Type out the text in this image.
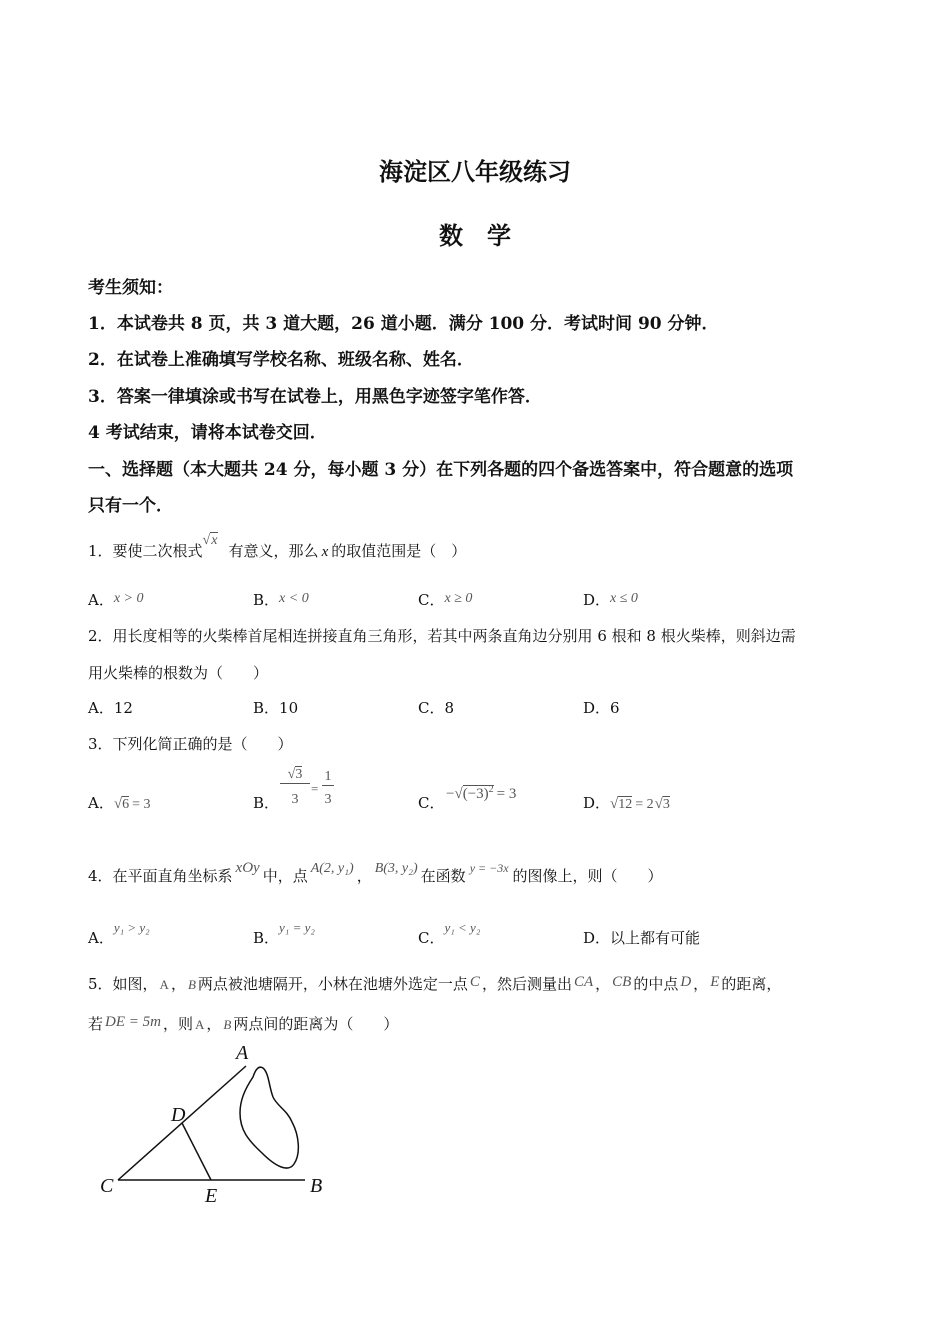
海淀区八年级练习
数　学
考生须知：
1．本试卷共 8 页，共 3 道大题，26 道小题．满分 100 分．考试时间 90 分钟．
2．在试卷上准确填写学校名称、班级名称、姓名．
3．答案一律填涂或书写在试卷上，用黑色字迹签字笔作答．
4 考试结束，请将本试卷交回．
一、选择题（本大题共 24 分，每小题 3 分）在下列各题的四个备选答案中，符合题意的选项
只有一个．
1．要使二次根式√x有意义，那么 x 的取值范围是（　）
A．x > 0	B．x < 0	C．x ≥ 0	D．x ≤ 0
2．用长度相等的火柴棒首尾相连拼接直角三角形，若其中两条直角边分别用 6 根和 8 根火柴棒，则斜边需
用火柴棒的根数为（　　）
A．12	B．10	C．8	D．6
3．下列化简正确的是（　　）
A．√6 = 3	B．
√3
3
=
1
3	C． $-√(-3)^2 = 3$	D．√12 = 2√3
4．在平面直角坐标系 xOy 中，点 A(2, y₁) ， B(3, y₂) 在函数 $^{y = -3x}$ 的图像上，则（　　）
A．y₁ > y₂
B．y₁ = y₂
C．y₁ < y₂
D．以上都有可能
5．如图， A ， B 两点被池塘隔开，小林在池塘外选定一点 C ，然后测量出 CA ， CB 的中点 D ， E 的距离，
若 DE = 5m ，则 A ， B 两点间的距离为（　　）
A
D
C	E	B
